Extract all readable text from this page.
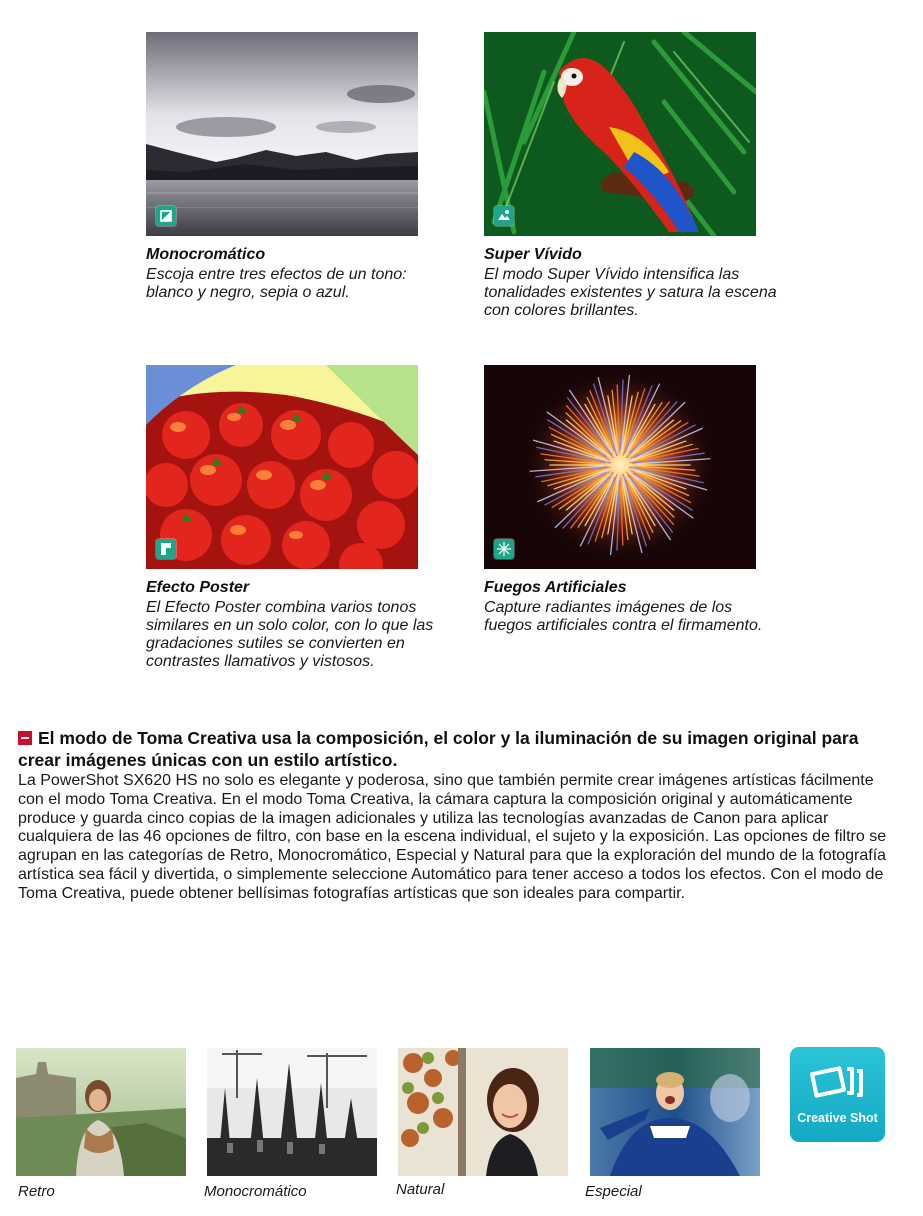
Monocromático

Escoja entre tres efectos de un tono: blanco y negro, sepia o azul.

Super Vívido

El modo Super Vívido intensifica las tonalidades existentes y satura la escena con colores brillantes.

Efecto Poster

El Efecto Poster combina varios tonos similares en un solo color, con lo que las gradaciones sutiles se convierten en contrastes llamativos y vistosos.

Fuegos Artificiales

Capture radiantes imágenes de los fuegos artificiales contra el firmamento.

El modo de Toma Creativa usa la composición, el color y la iluminación de su imagen original para crear imágenes únicas con un estilo artístico.

La PowerShot SX620 HS no solo es elegante y poderosa, sino que también permite crear imágenes artísticas fácilmente con el modo Toma Creativa. En el modo Toma Creativa, la cámara captura la composición original y automáticamente produce y guarda cinco copias de la imagen adicionales y utiliza las tecnologías avanzadas de Canon para aplicar cualquiera de las 46 opciones de filtro, con base en la escena individual, el sujeto y la exposición. Las opciones de filtro se agrupan en las categorías de Retro, Monocromático, Especial y Natural para que la exploración del mundo de la fotografía artística sea fácil y divertida, o simplemente seleccione Automático para tener acceso a todos los efectos. Con el modo de Toma Creativa, puede obtener bellísimas fotografías artísticas que son ideales para compartir.

Retro	Monocromático	Natural	Especial
Creative Shot
